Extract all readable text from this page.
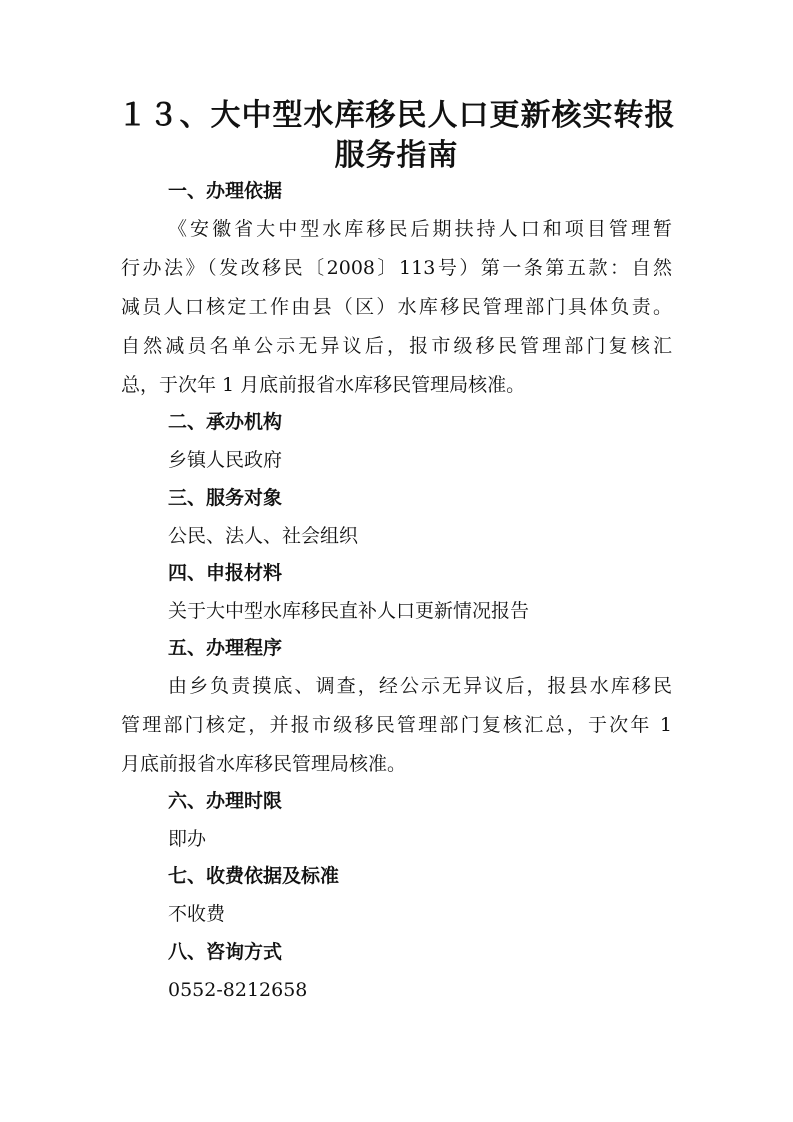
１３、大中型水库移民人口更新核实转报
服务指南
一、办理依据
《安徽省大中型水库移民后期扶持人口和项目管理暂
行办法》（发改移民〔2008〕113号）第一条第五款：自然
减员人口核定工作由县（区）水库移民管理部门具体负责。
自然减员名单公示无异议后，报市级移民管理部门复核汇
总，于次年 1 月底前报省水库移民管理局核准。
二、承办机构
乡镇人民政府
三、服务对象
公民、法人、社会组织
四、申报材料
关于大中型水库移民直补人口更新情况报告
五、办理程序
由乡负责摸底、调查，经公示无异议后，报县水库移民
管理部门核定，并报市级移民管理部门复核汇总，于次年 1
月底前报省水库移民管理局核准。
六、办理时限
即办
七、收费依据及标准
不收费
八、咨询方式
0552-8212658
